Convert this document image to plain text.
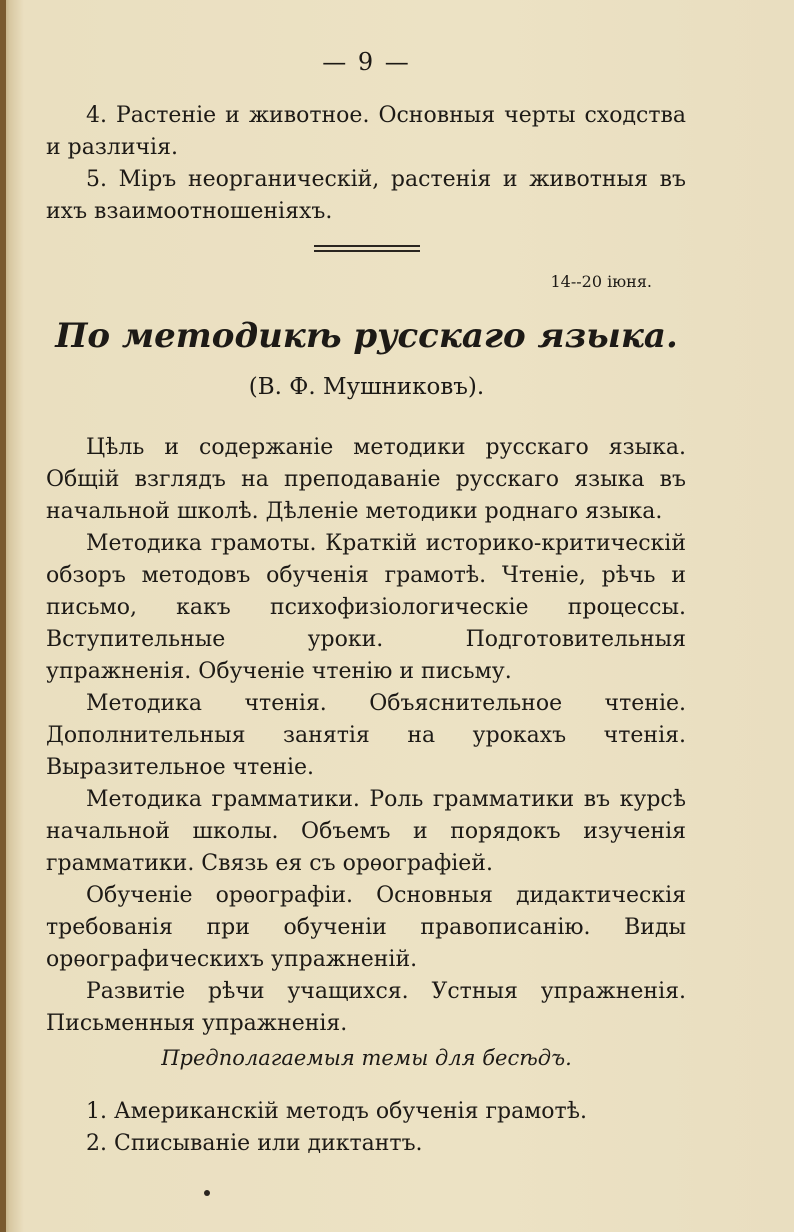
— 9 —

4. Растеніе и животное. Основныя черты сходства и различія.

5. Міръ неорганическій, растенія и животныя въ ихъ взаимоотношеніяхъ.

14--20 іюня.
По методикѣ русскаго языка.
(В. Ф. Мушниковъ).

Цѣль и содержаніе методики русскаго языка. Общій взглядъ на преподаваніе русскаго языка въ начальной школѣ. Дѣленіе методики роднаго языка.

Методика грамоты. Краткій историко-критическій обзоръ методовъ обученія грамотѣ. Чтеніе, рѣчь и письмо, какъ психофизіологическіе процессы. Вступительные уроки. Подготовительныя упражненія. Обученіе чтенію и письму.

Методика чтенія. Объяснительное чтеніе. Дополнительныя занятія на урокахъ чтенія. Выразительное чтеніе.

Методика грамматики. Роль грамматики въ курсѣ начальной школы. Объемъ и порядокъ изученія грамматики. Связь ея съ орѳографіей.

Обученіе орѳографіи. Основныя дидактическія требованія при обученіи правописанію. Виды орѳографическихъ упражненій.

Развитіе рѣчи учащихся. Устныя упражненія. Письменныя упражненія.

Предполагаемыя темы для бесѣдъ.

1. Американскій методъ обученія грамотѣ.

2. Списываніе или диктантъ.
